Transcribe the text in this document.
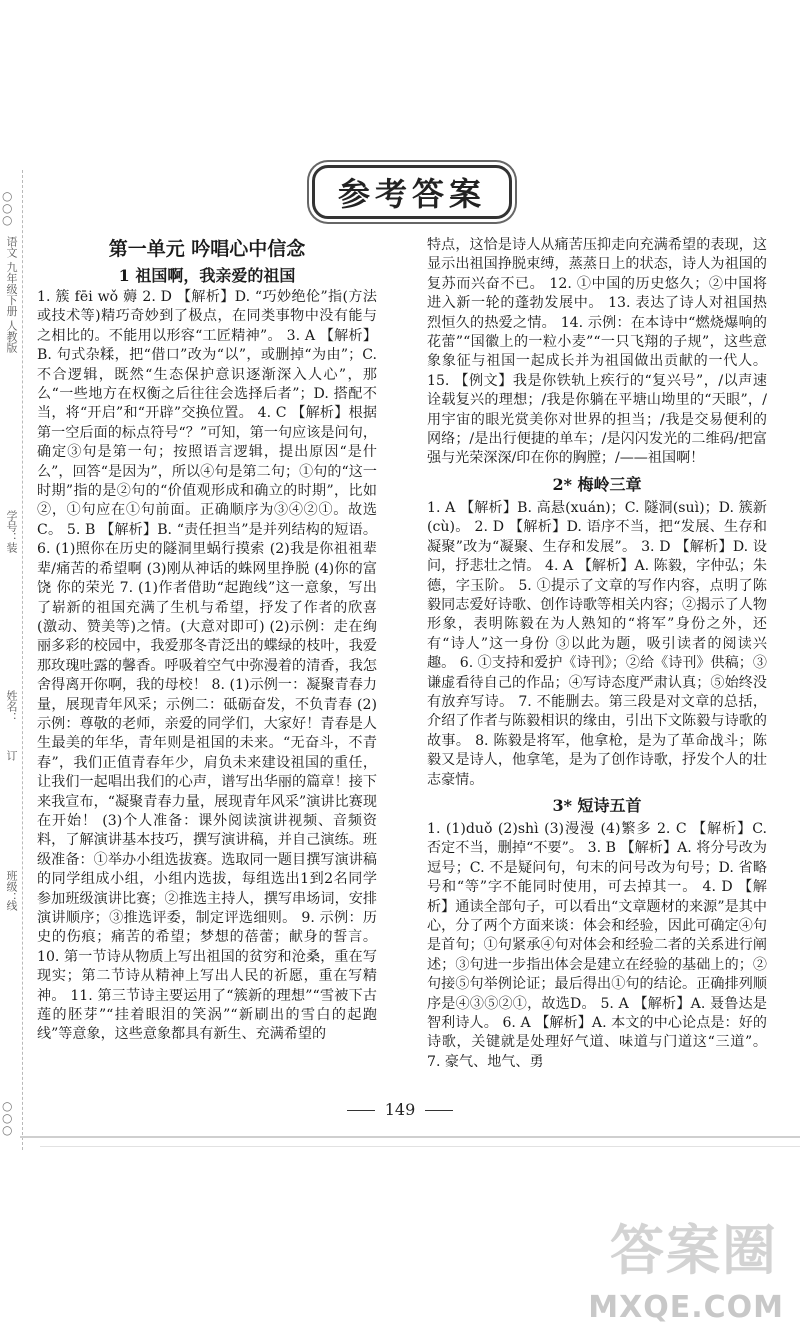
○
○
○
语文 九年级下册 人教版
学号：
装
姓名：
订
班级：
线
○
○
○
参考答案
第一单元 吟唱心中信念
1 祖国啊，我亲爱的祖国

1. 簇 fēi wǒ 薅 2. D 【解析】D. “巧妙绝伦”指(方法或技术等)精巧奇妙到了极点，在同类事物中没有能与之相比的。不能用以形容“工匠精神”。 3. A 【解析】B. 句式杂糅，把“借口”改为“以”，或删掉“为由”；C. 不合逻辑，既然“生态保护意识逐渐深入人心”，那么“一些地方在权衡之后往往会选择后者”；D. 搭配不当，将“开启”和“开辟”交换位置。 4. C 【解析】根据第一空后面的标点符号“？”可知，第一句应该是问句，确定③句是第一句；按照语言逻辑，提出原因“是什么”，回答“是因为”，所以④句是第二句；①句的“这一时期”指的是②句的“价值观形成和确立的时期”，比如②，①句应在①句前面。正确顺序为③④②①。故选C。 5. B 【解析】B. “责任担当”是并列结构的短语。 6. (1)照你在历史的隧洞里蜗行摸索 (2)我是你祖祖辈辈/痛苦的希望啊 (3)刚从神话的蛛网里挣脱 (4)你的富饶 你的荣光 7. (1)作者借助“起跑线”这一意象，写出了崭新的祖国充满了生机与希望，抒发了作者的欣喜(激动、赞美等)之情。(大意对即可) (2)示例：走在绚丽多彩的校园中，我爱那冬青泛出的蝶绿的枝叶，我爱那玫瑰吐露的馨香。呼吸着空气中弥漫着的清香，我怎舍得离开你啊，我的母校！ 8. (1)示例一：凝聚青春力量，展现青年风采；示例二：砥砺奋发，不负青春 (2)示例：尊敬的老师，亲爱的同学们，大家好！青春是人生最美的年华，青年则是祖国的未来。“无奋斗，不青春”，我们正值青春年少，肩负未来建设祖国的重任，让我们一起唱出我们的心声，谱写出华丽的篇章！接下来我宣布，“凝聚青春力量，展现青年风采”演讲比赛现在开始！ (3)个人准备：课外阅读演讲视频、音频资料，了解演讲基本技巧，撰写演讲稿，并自己演练。班级准备：①举办小组选拔赛。选取同一题目撰写演讲稿的同学组成小组，小组内选拔，每组选出1到2名同学参加班级演讲比赛；②推选主持人，撰写串场词，安排演讲顺序；③推选评委，制定评选细则。 9. 示例：历史的伤痕；痛苦的希望；梦想的蓓蕾；献身的誓言。 10. 第一节诗从物质上写出祖国的贫穷和沧桑，重在写现实；第二节诗从精神上写出人民的祈愿，重在写精神。 11. 第三节诗主要运用了“簇新的理想”“雪被下古莲的胚芽”“挂着眼泪的笑涡”“新刷出的雪白的起跑线”等意象，这些意象都具有新生、充满希望的

特点，这恰是诗人从痛苦压抑走向充满希望的表现，这显示出祖国挣脱束缚，蒸蒸日上的状态，诗人为祖国的复苏而兴奋不已。 12. ①中国的历史悠久；②中国将进入新一轮的蓬勃发展中。 13. 表达了诗人对祖国热烈恒久的热爱之情。 14. 示例：在本诗中“燃烧爆响的花蕾”“国徽上的一粒小麦”“一只飞翔的子规”，这些意象象征与祖国一起成长并为祖国做出贡献的一代人。 15. 【例文】我是你铁轨上疾行的“复兴号”，/以声速诠载复兴的理想；/我是你躺在平塘山坳里的“天眼”，/用宇宙的眼光赏美你对世界的担当；/我是交易便利的网络；/是出行便捷的单车；/是闪闪发光的二维码/把富强与光荣深深/印在你的胸膛；/——祖国啊！

2* 梅岭三章

1. A 【解析】B. 高悬(xuán)；C. 隧洞(suì)；D. 簇新(cù)。 2. D 【解析】D. 语序不当，把“发展、生存和凝聚”改为“凝聚、生存和发展”。 3. D 【解析】D. 设问，抒悲壮之情。 4. A 【解析】A. 陈毅，字仲弘；朱德，字玉阶。 5. ①提示了文章的写作内容，点明了陈毅同志爱好诗歌、创作诗歌等相关内容；②揭示了人物形象，表明陈毅在为人熟知的“将军”身份之外，还有“诗人”这一身份 ③以此为题，吸引读者的阅读兴趣。 6. ①支持和爱护《诗刊》；②给《诗刊》供稿；③谦虚看待自己的作品；④写诗态度严肃认真；⑤始终没有放弃写诗。 7. 不能删去。第三段是对文章的总括，介绍了作者与陈毅相识的缘由，引出下文陈毅与诗歌的故事。 8. 陈毅是将军，他拿枪，是为了革命战斗；陈毅又是诗人，他拿笔，是为了创作诗歌，抒发个人的壮志豪情。

3* 短诗五首

1. (1)duǒ (2)shì (3)漫漫 (4)繁多 2. C 【解析】C. 否定不当，删掉“不要”。 3. B 【解析】A. 将分号改为逗号；C. 不是疑问句，句末的问号改为句号；D. 省略号和“等”字不能同时使用，可去掉其一。 4. D 【解析】通读全部句子，可以看出“文章题材的来源”是其中心，分了两个方面来谈：体会和经验，因此可确定④句是首句；①句紧承④句对体会和经验二者的关系进行阐述；③句进一步指出体会是建立在经验的基础上的；②句接⑤句举例论证；最后得出①句的结论。正确排列顺序是④③⑤②①，故选D。 5. A 【解析】A. 聂鲁达是智利诗人。 6. A 【解析】A. 本文的中心论点是：好的诗歌，关键就是处理好气道、味道与门道这“三道”。 7. 豪气、地气、勇

149
答案圈
MXQE.COM
